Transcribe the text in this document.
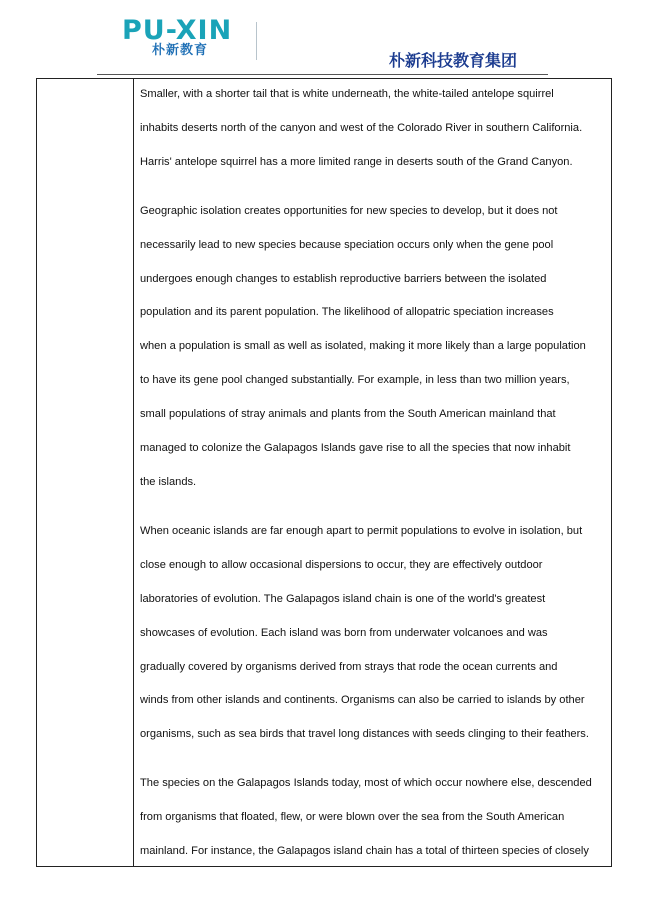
PU-XIN
朴新教育
朴新科技教育集团

Smaller, with a shorter tail that is white underneath, the white-tailed antelope squirrel

inhabits deserts north of the canyon and west of the Colorado River in southern California.

Harris' antelope squirrel has a more limited range in deserts south of the Grand Canyon.

Geographic isolation creates opportunities for new species to develop, but it does not

necessarily lead to new species because speciation occurs only when the gene pool

undergoes enough changes to establish reproductive barriers between the isolated

population and its parent population. The likelihood of allopatric speciation increases

when a population is small as well as isolated, making it more likely than a large population

to have its gene pool changed substantially. For example, in less than two million years,

small populations of stray animals and plants from the South American mainland that

managed to colonize the Galapagos Islands gave rise to all the species that now inhabit

the islands.

When oceanic islands are far enough apart to permit populations to evolve in isolation, but

close enough to allow occasional dispersions to occur, they are effectively outdoor

laboratories of evolution. The Galapagos island chain is one of the world's greatest

showcases of evolution. Each island was born from underwater volcanoes and was

gradually covered by organisms derived from strays that rode the ocean currents and

winds from other islands and continents. Organisms can also be carried to islands by other

organisms, such as sea birds that travel long distances with seeds clinging to their feathers.

The species on the Galapagos Islands today, most of which occur nowhere else, descended

from organisms that floated, flew, or were blown over the sea from the South American

mainland. For instance, the Galapagos island chain has a total of thirteen species of closely
